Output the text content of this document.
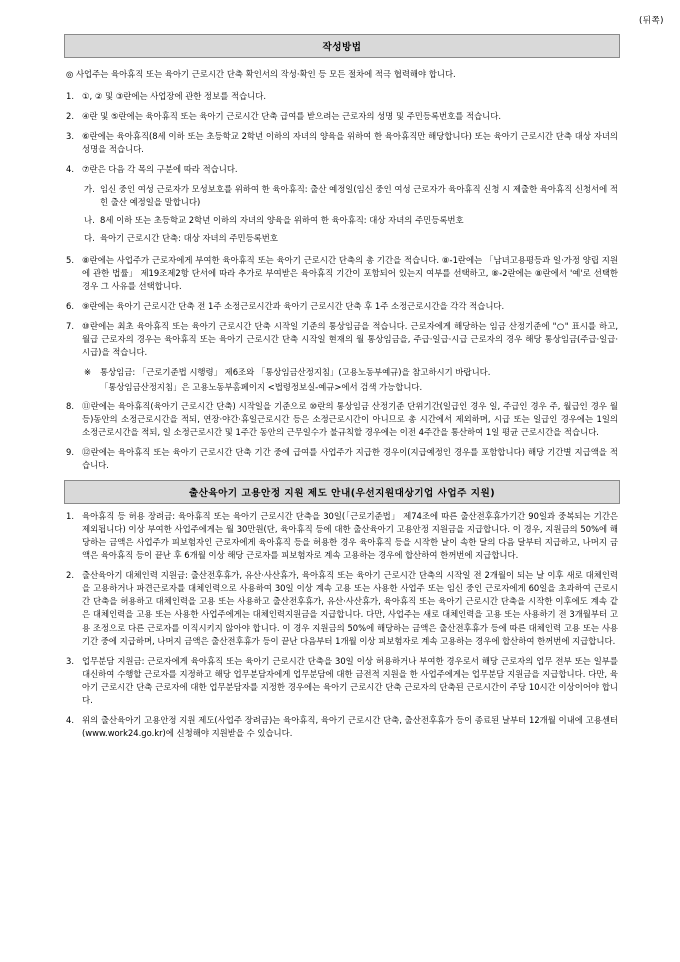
(뒤쪽)
작성방법

◎ 사업주는 육아휴직 또는 육아기 근로시간 단축 확인서의 작성·확인 등 모든 절차에 적극 협력해야 합니다.

1. ①, ② 및 ③란에는 사업장에 관한 정보를 적습니다.

2. ④란 및 ⑤란에는 육아휴직 또는 육아기 근로시간 단축 급여를 받으려는 근로자의 성명 및 주민등록번호를 적습니다.

3. ⑥란에는 육아휴직(8세 이하 또는 초등학교 2학년 이하의 자녀의 양육을 위하여 한 육아휴직만 해당합니다) 또는 육아기 근로시간 단축 대상 자녀의 성명을 적습니다.

4. ⑦란은 다음 각 목의 구분에 따라 적습니다.

가. 임신 중인 여성 근로자가 모성보호를 위하여 한 육아휴직: 출산 예정일(임신 중인 여성 근로자가 육아휴직 신청 시 제출한 육아휴직 신청서에 적힌 출산 예정일을 말합니다)

나. 8세 이하 또는 초등학교 2학년 이하의 자녀의 양육을 위하여 한 육아휴직: 대상 자녀의 주민등록번호

다. 육아기 근로시간 단축: 대상 자녀의 주민등록번호

5. ⑧란에는 사업주가 근로자에게 부여한 육아휴직 또는 육아기 근로시간 단축의 총 기간을 적습니다. ⑧-1란에는 「남녀고용평등과 일·가정 양립 지원에 관한 법률」 제19조제2항 단서에 따라 추가로 부여받은 육아휴직 기간이 포함되어 있는지 여부를 선택하고, ⑧-2란에는 ⑧란에서 '예'로 선택한 경우 그 사유를 선택합니다.

6. ⑨란에는 육아기 근로시간 단축 전 1주 소정근로시간과 육아기 근로시간 단축 후 1주 소정근로시간을 각각 적습니다.

7. ⑩란에는 최초 육아휴직 또는 육아기 근로시간 단축 시작일 기준의 통상임금을 적습니다. 근로자에게 해당하는 임금 산정기준에 "○" 표시를 하고, 월급 근로자의 경우는 육아휴직 또는 육아기 근로시간 단축 시작일 현재의 월 통상임금을, 주급·일급·시급 근로자의 경우 해당 통상임금(주급·일급·시급)을 적습니다.

※ 통상임금: 「근로기준법 시행령」 제6조와 「통상임금산정지침」(고용노동부예규)을 참고하시기 바랍니다.

「통상임금산정지침」은 고용노동부홈페이지 <법령정보실-예규>에서 검색 가능합니다.

8. ⑪란에는 육아휴직(육아기 근로시간 단축) 시작일을 기준으로 ⑩란의 통상임금 산정기준 단위기간(일급인 경우 일, 주급인 경우 주, 월급인 경우 월 등)동안의 소정근로시간을 적되, 연장·야간·휴일근로시간 등은 소정근로시간이 아니므로 총 시간에서 제외하며, 시급 또는 일급인 경우에는 1일의 소정근로시간을 적되, 일 소정근로시간 및 1주간 동안의 근무일수가 불규칙할 경우에는 이전 4주간을 통산하여 1일 평균 근로시간을 적습니다.

9. ⑫란에는 육아휴직 또는 육아기 근로시간 단축 기간 중에 급여를 사업주가 지급한 경우이(지급예정인 경우를 포함합니다) 해당 기간별 지급액을 적습니다.

출산육아기 고용안정 지원 제도 안내(우선지원대상기업 사업주 지원)

1. 육아휴직 등 허용 장려금: 육아휴직 또는 육아기 근로시간 단축을 30일(「근로기준법」 제74조에 따른 출산전후휴가기간 90일과 중복되는 기간은 제외됩니다) 이상 부여한 사업주에게는 월 30만원(단, 육아휴직 등에 대한 출산육아기 고용안정 지원금을 지급합니다. 이 경우, 지원금의 50%에 해당하는 금액은 사업주가 피보험자인 근로자에게 육아휴직 등을 허용한 경우 육아휴직 등을 시작한 날이 속한 달의 다음 달부터 지급하고, 나머지 금액은 육아휴직 등이 끝난 후 6개월 이상 해당 근로자를 피보험자로 계속 고용하는 경우에 합산하여 한꺼번에 지급합니다.

2. 출산육아기 대체인력 지원금: 출산전후휴가, 유산·사산휴가, 육아휴직 또는 육아기 근로시간 단축의 시작일 전 2개월이 되는 날 이후 새로 대체인력을 고용하거나 파견근로자를 대체인력으로 사용하여 30일 이상 계속 고용 또는 사용한 사업주 또는 임신 중인 근로자에게 60일을 초과하여 근로시간 단축을 허용하고 대체인력을 고용 또는 사용하고 출산전후휴가, 유산·사산휴가, 육아휴직 또는 육아기 근로시간 단축을 시작한 이후에도 계속 같은 대체인력을 고용 또는 사용한 사업주에게는 대체인력지원금을 지급합니다. 다만, 사업주는 새로 대체인력을 고용 또는 사용하기 전 3개월부터 고용 조정으로 다른 근로자를 이직시키지 않아야 합니다. 이 경우 지원금의 50%에 해당하는 금액은 출산전후휴가 등에 따른 대체인력 고용 또는 사용기간 중에 지급하며, 나머지 금액은 출산전후휴가 등이 끝난 다음부터 1개월 이상 피보험자로 계속 고용하는 경우에 합산하여 한꺼번에 지급합니다.

3. 업무분담 지원금: 근로자에게 육아휴직 또는 육아기 근로시간 단축을 30일 이상 허용하거나 부여한 경우로서 해당 근로자의 업무 전부 또는 일부를 대신하여 수행할 근로자를 지정하고 해당 업무분담자에게 업무분담에 대한 금전적 지원을 한 사업주에게는 업무분담 지원금을 지급합니다. 다만, 육아기 근로시간 단축 근로자에 대한 업무분담자를 지정한 경우에는 육아기 근로시간 단축 근로자의 단축된 근로시간이 주당 10시간 이상이어야 합니다.

4. 위의 출산육아기 고용안정 지원 제도(사업주 장려금)는 육아휴직, 육아기 근로시간 단축, 출산전후휴가 등이 종료된 날부터 12개월 이내에 고용센터(www.work24.go.kr)에 신청해야 지원받을 수 있습니다.
